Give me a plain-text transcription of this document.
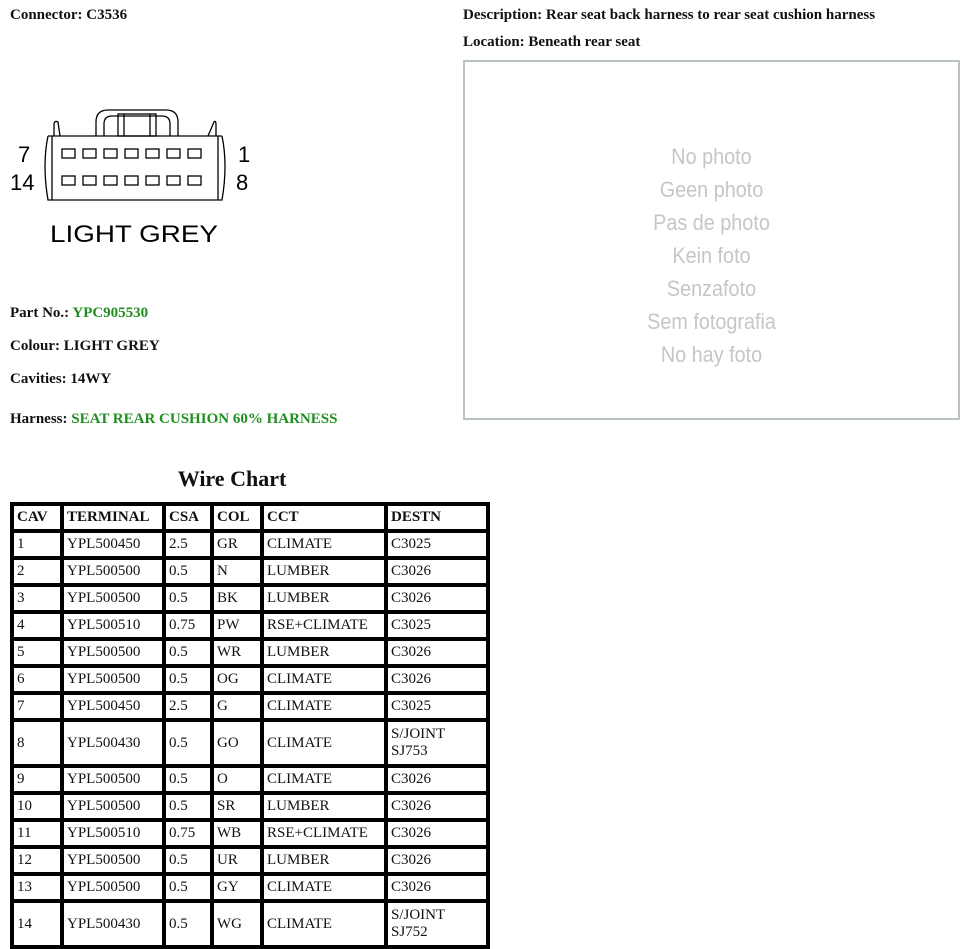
Connector: C3536	Description: Rear seat back harness to rear seat cushion harness
Location: Beneath rear seat
7
14
1
8
LIGHT GREY
Part No.: YPC905530
Colour: LIGHT GREY
Cavities: 14WY
Harness: SEAT REAR CUSHION 60% HARNESS
No photo
Geen photo
Pas de photo
Kein foto
Senzafoto
Sem fotografia
No hay foto
Wire Chart
CAV	TERMINAL	CSA	COL	CCT	DESTN
1	YPL500450	2.5	GR	CLIMATE	C3025
2	YPL500500	0.5	N	LUMBER	C3026
3	YPL500500	0.5	BK	LUMBER	C3026
4	YPL500510	0.75	PW	RSE+CLIMATE	C3025
5	YPL500500	0.5	WR	LUMBER	C3026
6	YPL500500	0.5	OG	CLIMATE	C3026
7	YPL500450	2.5	G	CLIMATE	C3025
8	YPL500430	0.5	GO	CLIMATE	S/JOINT SJ753
9	YPL500500	0.5	O	CLIMATE	C3026
10	YPL500500	0.5	SR	LUMBER	C3026
11	YPL500510	0.75	WB	RSE+CLIMATE	C3026
12	YPL500500	0.5	UR	LUMBER	C3026
13	YPL500500	0.5	GY	CLIMATE	C3026
14	YPL500430	0.5	WG	CLIMATE	S/JOINT SJ752
